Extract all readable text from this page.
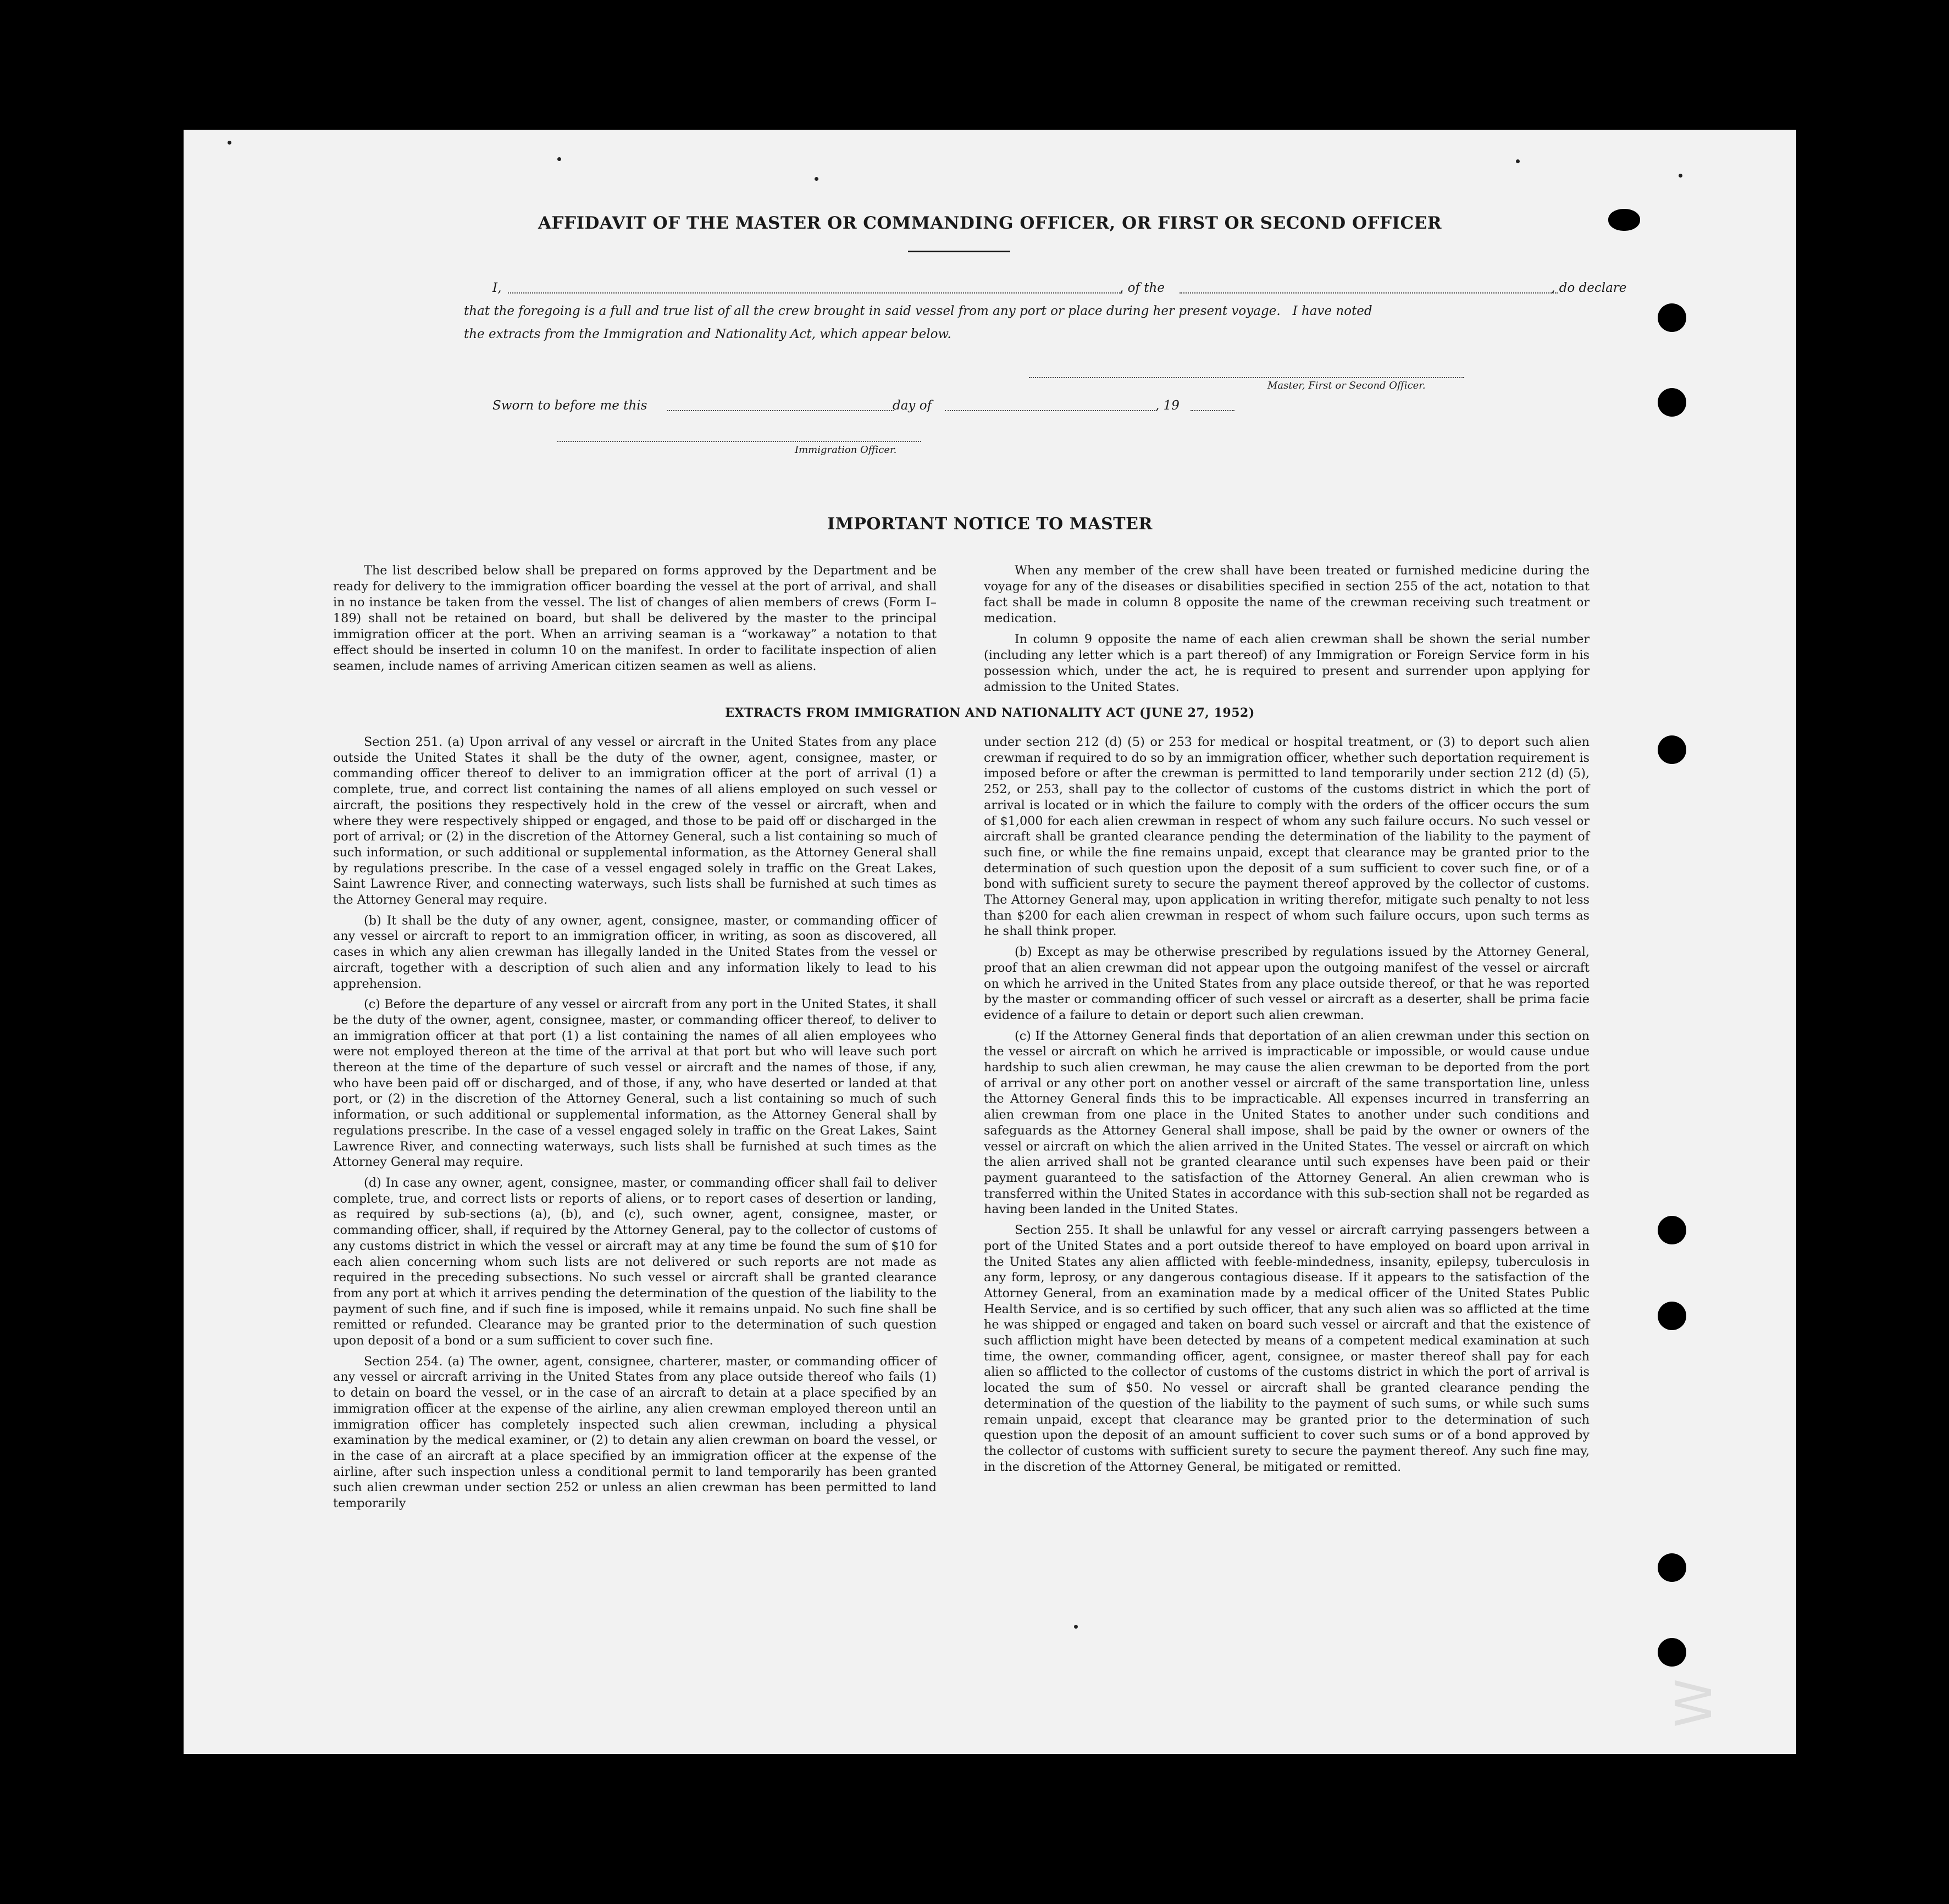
AFFIDAVIT OF THE MASTER OR COMMANDING OFFICER, OR FIRST OR SECOND OFFICER
I,	, of the	, do declare
that the foregoing is a full and true list of all the crew brought in said vessel from any port or place during her present voyage.   I have noted
the extracts from the Immigration and Nationality Act, which appear below.
Master, First or Second Officer.
Sworn to before me this	day of	, 19
Immigration Officer.
IMPORTANT NOTICE TO MASTER

The list described below shall be prepared on forms approved by the Department and be ready for delivery to the immigration officer boarding the vessel at the port of arrival, and shall in no instance be taken from the vessel. The list of changes of alien members of crews (Form I–189) shall not be retained on board, but shall be delivered by the master to the principal immigration officer at the port. When an arriving seaman is a “workaway” a notation to that effect should be inserted in column 10 on the manifest. In order to facilitate inspection of alien seamen, include names of arriving American citizen seamen as well as aliens.

When any member of the crew shall have been treated or furnished medicine during the voyage for any of the diseases or disabilities specified in section 255 of the act, notation to that fact shall be made in column 8 opposite the name of the crewman receiving such treatment or medication.

In column 9 opposite the name of each alien crewman shall be shown the serial number (including any letter which is a part thereof) of any Immigration or Foreign Service form in his possession which, under the act, he is required to present and surrender upon applying for admission to the United States.

EXTRACTS FROM IMMIGRATION AND NATIONALITY ACT (JUNE 27, 1952)

Section 251. (a) Upon arrival of any vessel or aircraft in the United States from any place outside the United States it shall be the duty of the owner, agent, consignee, master, or commanding officer thereof to deliver to an immigration officer at the port of arrival (1) a complete, true, and correct list containing the names of all aliens employed on such vessel or aircraft, the positions they respectively hold in the crew of the vessel or aircraft, when and where they were respectively shipped or engaged, and those to be paid off or discharged in the port of arrival; or (2) in the discretion of the Attorney General, such a list containing so much of such information, or such additional or supplemental information, as the Attorney General shall by regulations prescribe. In the case of a vessel engaged solely in traffic on the Great Lakes, Saint Lawrence River, and connecting waterways, such lists shall be furnished at such times as the Attorney General may require.

(b) It shall be the duty of any owner, agent, consignee, master, or commanding officer of any vessel or aircraft to report to an immigration officer, in writing, as soon as discovered, all cases in which any alien crewman has illegally landed in the United States from the vessel or aircraft, together with a description of such alien and any information likely to lead to his apprehension.

(c) Before the departure of any vessel or aircraft from any port in the United States, it shall be the duty of the owner, agent, consignee, master, or commanding officer thereof, to deliver to an immigration officer at that port (1) a list containing the names of all alien employees who were not employed thereon at the time of the arrival at that port but who will leave such port thereon at the time of the departure of such vessel or aircraft and the names of those, if any, who have been paid off or discharged, and of those, if any, who have deserted or landed at that port, or (2) in the discretion of the Attorney General, such a list containing so much of such information, or such additional or supplemental information, as the Attorney General shall by regulations prescribe. In the case of a vessel engaged solely in traffic on the Great Lakes, Saint Lawrence River, and connecting waterways, such lists shall be furnished at such times as the Attorney General may require.

(d) In case any owner, agent, consignee, master, or commanding officer shall fail to deliver complete, true, and correct lists or reports of aliens, or to report cases of desertion or landing, as required by sub-sections (a), (b), and (c), such owner, agent, consignee, master, or commanding officer, shall, if required by the Attorney General, pay to the collector of customs of any customs district in which the vessel or aircraft may at any time be found the sum of $10 for each alien concerning whom such lists are not delivered or such reports are not made as required in the preceding subsections. No such vessel or aircraft shall be granted clearance from any port at which it arrives pending the determination of the question of the liability to the payment of such fine, and if such fine is imposed, while it remains unpaid. No such fine shall be remitted or refunded. Clearance may be granted prior to the determination of such question upon deposit of a bond or a sum sufficient to cover such fine.

Section 254. (a) The owner, agent, consignee, charterer, master, or commanding officer of any vessel or aircraft arriving in the United States from any place outside thereof who fails (1) to detain on board the vessel, or in the case of an aircraft to detain at a place specified by an immigration officer at the expense of the airline, any alien crewman employed thereon until an immigration officer has completely inspected such alien crewman, including a physical examination by the medical examiner, or (2) to detain any alien crewman on board the vessel, or in the case of an aircraft at a place specified by an immigration officer at the expense of the airline, after such inspection unless a conditional permit to land temporarily has been granted such alien crewman under section 252 or unless an alien crewman has been permitted to land temporarily

under section 212 (d) (5) or 253 for medical or hospital treatment, or (3) to deport such alien crewman if required to do so by an immigration officer, whether such deportation requirement is imposed before or after the crewman is permitted to land temporarily under section 212 (d) (5), 252, or 253, shall pay to the collector of customs of the customs district in which the port of arrival is located or in which the failure to comply with the orders of the officer occurs the sum of $1,000 for each alien crewman in respect of whom any such failure occurs. No such vessel or aircraft shall be granted clearance pending the determination of the liability to the payment of such fine, or while the fine remains unpaid, except that clearance may be granted prior to the determination of such question upon the deposit of a sum sufficient to cover such fine, or of a bond with sufficient surety to secure the payment thereof approved by the collector of customs. The Attorney General may, upon application in writing therefor, mitigate such penalty to not less than $200 for each alien crewman in respect of whom such failure occurs, upon such terms as he shall think proper.

(b) Except as may be otherwise prescribed by regulations issued by the Attorney General, proof that an alien crewman did not appear upon the outgoing manifest of the vessel or aircraft on which he arrived in the United States from any place outside thereof, or that he was reported by the master or commanding officer of such vessel or aircraft as a deserter, shall be prima facie evidence of a failure to detain or deport such alien crewman.

(c) If the Attorney General finds that deportation of an alien crewman under this section on the vessel or aircraft on which he arrived is impracticable or impossible, or would cause undue hardship to such alien crewman, he may cause the alien crewman to be deported from the port of arrival or any other port on another vessel or aircraft of the same transportation line, unless the Attorney General finds this to be impracticable. All expenses incurred in transferring an alien crewman from one place in the United States to another under such conditions and safeguards as the Attorney General shall impose, shall be paid by the owner or owners of the vessel or aircraft on which the alien arrived in the United States. The vessel or aircraft on which the alien arrived shall not be granted clearance until such expenses have been paid or their payment guaranteed to the satisfaction of the Attorney General. An alien crewman who is transferred within the United States in accordance with this sub-section shall not be regarded as having been landed in the United States.

Section 255. It shall be unlawful for any vessel or aircraft carrying passengers between a port of the United States and a port outside thereof to have employed on board upon arrival in the United States any alien afflicted with feeble-mindedness, insanity, epilepsy, tuberculosis in any form, leprosy, or any dangerous contagious disease. If it appears to the satisfaction of the Attorney General, from an examination made by a medical officer of the United States Public Health Service, and is so certified by such officer, that any such alien was so afflicted at the time he was shipped or engaged and taken on board such vessel or aircraft and that the existence of such affliction might have been detected by means of a competent medical examination at such time, the owner, commanding officer, agent, consignee, or master thereof shall pay for each alien so afflicted to the collector of customs of the customs district in which the port of arrival is located the sum of $50. No vessel or aircraft shall be granted clearance pending the determination of the question of the liability to the payment of such sums, or while such sums remain unpaid, except that clearance may be granted prior to the determination of such question upon the deposit of an amount sufficient to cover such sums or of a bond approved by the collector of customs with sufficient surety to secure the payment thereof. Any such fine may, in the discretion of the Attorney General, be mitigated or remitted.

W
